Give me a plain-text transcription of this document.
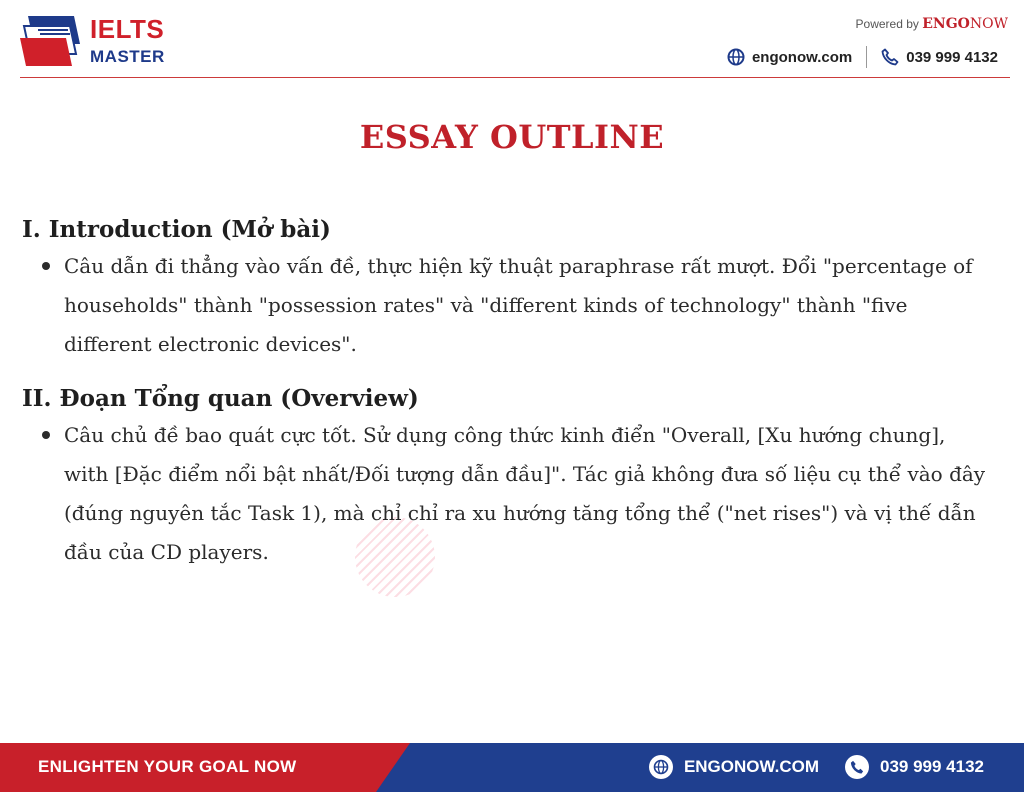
IELTS
MASTER
Powered by ENGONOW
engonow.com	039 999 4132
ESSAY OUTLINE
I. Introduction (Mở bài)
Câu dẫn đi thẳng vào vấn đề, thực hiện kỹ thuật paraphrase rất mượt. Đổi "percentage of households" thành "possession rates" và "different kinds of technology" thành "five different electronic devices".
II. Đoạn Tổng quan (Overview)
Câu chủ đề bao quát cực tốt. Sử dụng công thức kinh điển "Overall, [Xu hướng chung], with [Đặc điểm nổi bật nhất/Đối tượng dẫn đầu]". Tác giả không đưa số liệu cụ thể vào đây (đúng nguyên tắc Task 1), mà chỉ chỉ ra xu hướng tăng tổng thể ("net rises") và vị thế dẫn đầu của CD players.
ENLIGHTEN YOUR GOAL NOW	ENGONOW.COM	039 999 4132
